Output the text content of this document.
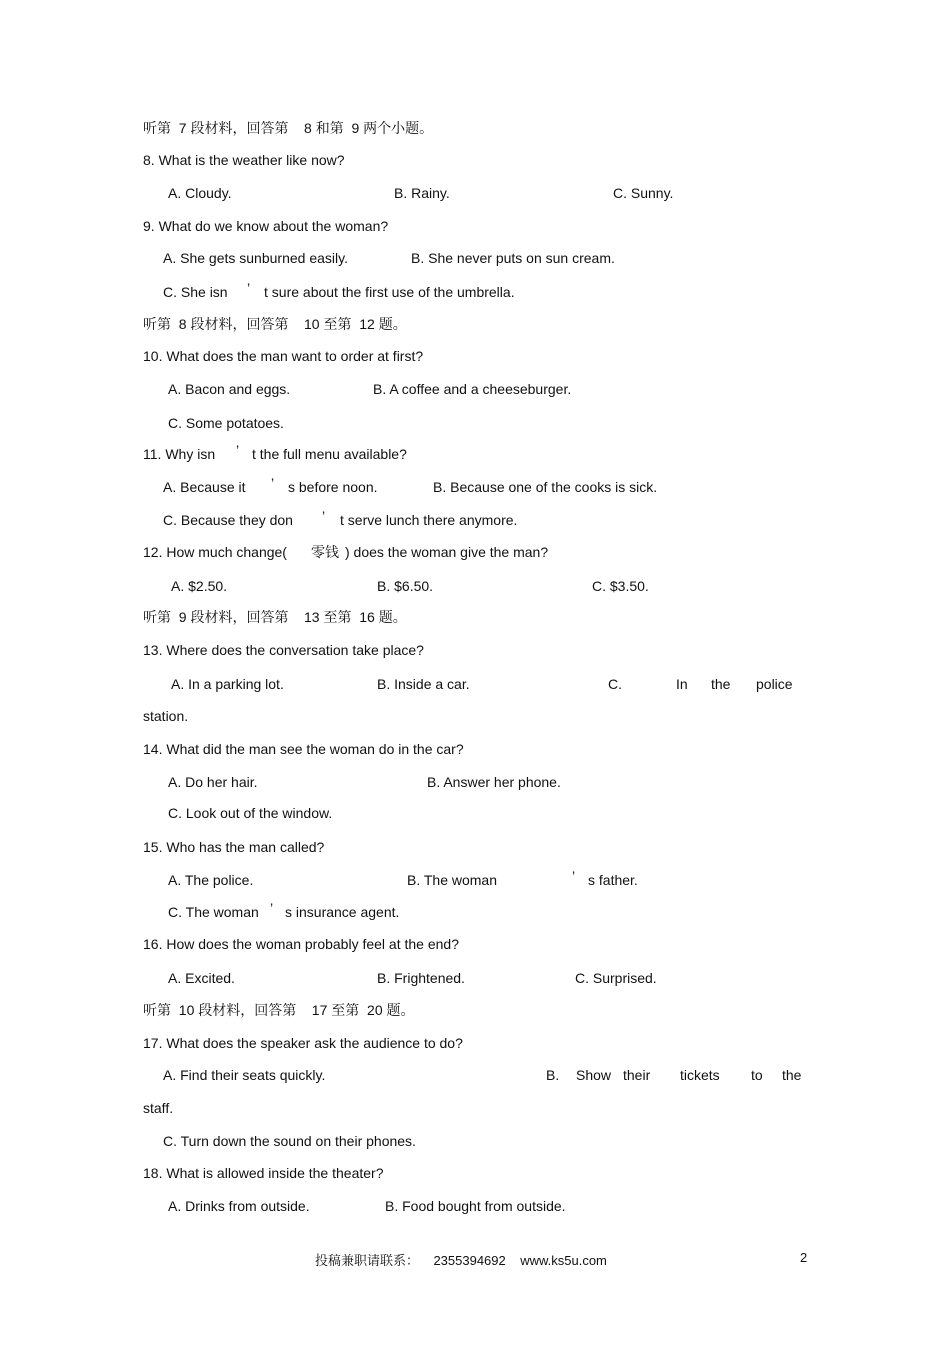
听第  7 段材料，回答第    8 和第  9 两个小题。
8. What is the weather like now?
A. Cloudy.	B. Rainy.	C. Sunny.
9. What do we know about the woman?
A. She gets sunburned easily.	B. She never puts on sun cream.
C. She isn ’ t sure about the first use of the umbrella.
听第  8 段材料，回答第    10 至第  12 题。
10. What does the man want to order at first?
A. Bacon and eggs.	B. A coffee and a cheeseburger.
C. Some potatoes.
11. Why isn ’ t the full menu available?
A. Because it ’ s before noon.	B. Because one of the cooks is sick.
C. Because they don ’ t serve lunch there anymore.
12. How much change( 零钱 ) does the woman give the man?
A. $2.50.	B. $6.50.	C. $3.50.
听第  9 段材料，回答第    13 至第  16 题。
13. Where does the conversation take place?
A. In a parking lot.	B. Inside a car.	C.	In the police
station.
14. What did the man see the woman do in the car?
A. Do her hair.	B. Answer her phone.
C. Look out of the window.
15. Who has the man called?
A. The police.	B. The woman	’ s father.
C. The woman ’ s insurance agent.
16. How does the woman probably feel at the end?
A. Excited.	B. Frightened.	C. Surprised.
听第  10 段材料，回答第    17 至第  20 题。
17. What does the speaker ask the audience to do?
A. Find their seats quickly.	B. Show their tickets to the
staff.
C. Turn down the sound on their phones.
18. What is allowed inside the theater?
A. Drinks from outside.	B. Food bought from outside.
投稿兼职请联系：    2355394692    www.ks5u.com	2
